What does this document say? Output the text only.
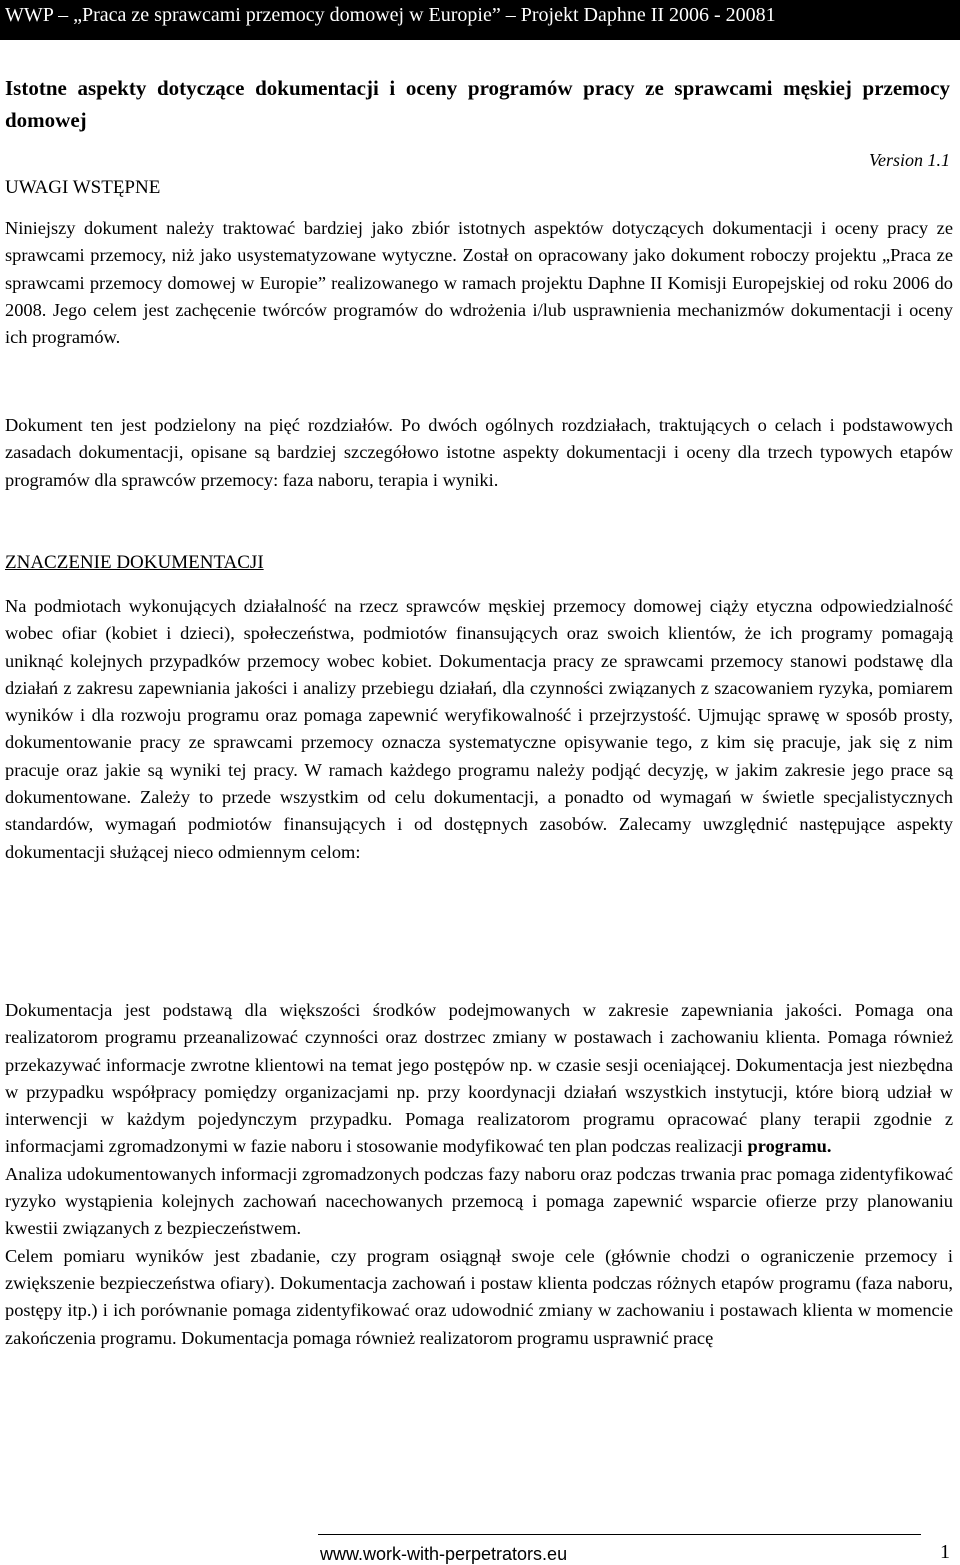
WWP – „Praca ze sprawcami przemocy domowej w Europie” – Projekt Daphne II 2006 - 20081
Istotne aspekty dotyczące dokumentacji i oceny programów pracy ze sprawcami męskiej przemocy domowej
Version 1.1
UWAGI WSTĘPNE

Niniejszy dokument należy traktować bardziej jako zbiór istotnych aspektów dotyczących dokumentacji i oceny pracy ze sprawcami przemocy, niż jako usystematyzowane wytyczne. Został on opracowany jako dokument roboczy projektu „Praca ze sprawcami przemocy domowej w Europie” realizowanego w ramach projektu Daphne II Komisji Europejskiej od roku 2006 do 2008. Jego celem jest zachęcenie twórców programów do wdrożenia i/lub usprawnienia mechanizmów dokumentacji i oceny ich programów.

Dokument ten jest podzielony na pięć rozdziałów. Po dwóch ogólnych rozdziałach, traktujących o celach i podstawowych zasadach dokumentacji, opisane są bardziej szczegółowo istotne aspekty dokumentacji i oceny dla trzech typowych etapów programów dla sprawców przemocy: faza naboru, terapia i wyniki.

ZNACZENIE DOKUMENTACJI

Na podmiotach wykonujących działalność na rzecz sprawców męskiej przemocy domowej ciąży etyczna odpowiedzialność wobec ofiar (kobiet i dzieci), społeczeństwa, podmiotów finansujących oraz swoich klientów, że ich programy pomagają uniknąć kolejnych przypadków przemocy wobec kobiet. Dokumentacja pracy ze sprawcami przemocy stanowi podstawę dla działań z zakresu zapewniania jakości i analizy przebiegu działań, dla czynności związanych z szacowaniem ryzyka, pomiarem wyników i dla rozwoju programu oraz pomaga zapewnić weryfikowalność i przejrzystość. Ujmując sprawę w sposób prosty, dokumentowanie pracy ze sprawcami przemocy oznacza systematyczne opisywanie tego, z kim się pracuje, jak się z nim pracuje oraz jakie są wyniki tej pracy. W ramach każdego programu należy podjąć decyzję, w jakim zakresie jego prace są dokumentowane. Zależy to przede wszystkim od celu dokumentacji, a ponadto od wymagań w świetle specjalistycznych standardów, wymagań podmiotów finansujących i od dostępnych zasobów. Zalecamy uwzględnić następujące aspekty dokumentacji służącej nieco odmiennym celom:

Dokumentacja jest podstawą dla większości środków podejmowanych w zakresie zapewniania jakości. Pomaga ona realizatorom programu przeanalizować czynności oraz dostrzec zmiany w postawach i zachowaniu klienta. Pomaga również przekazywać informacje zwrotne klientowi na temat jego postępów np. w czasie sesji oceniającej. Dokumentacja jest niezbędna w przypadku współpracy pomiędzy organizacjami np. przy koordynacji działań wszystkich instytucji, które biorą udział w interwencji w każdym pojedynczym przypadku. Pomaga realizatorom programu opracować plany terapii zgodnie z informacjami zgromadzonymi w fazie naboru i stosowanie modyfikować ten plan podczas realizacji programu.
Analiza udokumentowanych informacji zgromadzonych podczas fazy naboru oraz podczas trwania prac pomaga zidentyfikować ryzyko wystąpienia kolejnych zachowań nacechowanych przemocą i pomaga zapewnić wsparcie ofierze przy planowaniu kwestii związanych z bezpieczeństwem.
Celem pomiaru wyników jest zbadanie, czy program osiągnął swoje cele (głównie chodzi o ograniczenie przemocy i zwiększenie bezpieczeństwa ofiary). Dokumentacja zachowań i postaw klienta podczas różnych etapów programu (faza naboru, postępy itp.) i ich porównanie pomaga zidentyfikować oraz udowodnić zmiany w zachowaniu i postawach klienta w momencie zakończenia programu. Dokumentacja pomaga również realizatorom programu usprawnić pracę
www.work-with-perpetrators.eu	1
